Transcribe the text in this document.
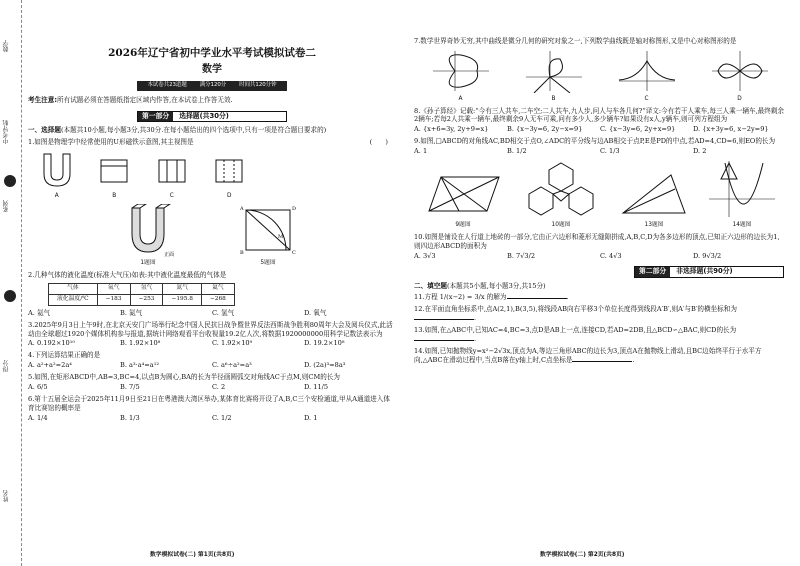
数学
中考导航
系列
得分
姓名
2026年辽宁省初中学业水平考试模拟试卷二
数学
本试卷共23道题 满分120分 时间共120分钟
考生注意:所有试题必须在答题纸指定区域内作答,在本试卷上作答无效.
第一部分	选择题(共30分)
一、选择题(本题共10小题,每小题3分,共30分.在每小题给出的四个选项中,只有一项是符合题目要求的)
1.如图是物理学中经常使用的U形磁铁示意图,其主视图是	(　　)
A	B	C	D
正面
1题图
A	D
B	C
M
5题图
2.几种气体的液化温度(标准大气压)如表:其中液化温度最低的气体是
气体	氧气	氢气	氮气	氦气
液化温度/℃	−183	−253	−195.8	−268
A. 氦气	B. 氮气	C. 氢气	D. 氧气
3.2025年9月3日上午9时,在北京天安门广场举行纪念中国人民抗日战争暨世界反法西斯战争胜利80周年大会及阅兵仪式,此活动由全球超过1920个媒体机构参与报道,据统计网络观看平台收视量19.2亿人次,将数据1920000000用科学记数法表示为
A. 0.192×10¹⁰	B. 1.92×10⁸	C. 1.92×10⁹	D. 19.2×10⁸
4.下列运算结果正确的是
A. a²+a²=2a⁴	B. a³·a⁴=a¹²	C. a⁶÷a²=a³	D. (2a)³=8a³
5.如图,在矩形ABCD中,AB=3,BC=4,以点B为圆心,BA的长为半径画圆弧交对角线AC于点M,则CM的长为
A. 6/5	B. 7/5	C. 2	D. 11/5
6.第十五届全运会于2025年11月9日至21日在粤港澳大湾区举办,某体育比赛将开设了A,B,C三个安检通道,甲从A通道进入体育比赛馆的概率是
A. 1/4	B. 1/3	C. 1/2	D. 1
7.数学世界奇妙无穷,其中曲线是微分几何的研究对象之一,下列数学曲线既是轴对称图形,又是中心对称图形的是
A	B	C	D
8.《孙子算经》记载:“今有三人共车,二车空;二人共车,九人步,问人与车各几何?”译文:今有若干人乘车,每三人乘一辆车,最终剩余2辆车;若每2人共乘一辆车,最终剩余9人无车可乘,问有多少人,多少辆车?如果设有x人,y辆车,则可列方程组为
A. {x+6=3y, 2y+9=x}	B. {x−3y=6, 2y−x=9}	C. {x−3y=6, 2y+x=9}	D. {x+3y=6, x−2y=9}
9.如图,□ABCD的对角线AC,BD相交于点O,∠ADC的平分线与边AB相交于点P,E是PD的中点,若AD=4,CD=6,则EO的长为
A. 1	B. 1/2	C. 1/3	D. 2
9题图	10题图	13题图	14题图
10.如图是铺设在人行道上地砖的一部分,它由正六边形和菱形无缝隙拼成,A,B,C,D为各多边形的顶点,已知正六边形的边长为1,则四边形ABCD的面积为
A. 3√3	B. 7√3/2	C. 4√3	D. 9√3/2
第二部分	非选择题(共90分)
二、填空题(本题共5小题,每小题3分,共15分)
11.方程 1/(x−2) = 3/x 的解为	.
12.在平面直角坐标系中,点A(2,1),B(3,5),将线段AB向右平移3个单位长度得到线段A′B′,则A′与B′的横坐标和为.
13.如图,在△ABC中,已知AC=4,BC=3,点D是AB上一点,连接CD,若AD=2DB,且△BCD∽△BAC,则CD的长为.
14.如图,已知抛物线y=x²−2√3x,顶点为A,等边三角形ABC的边长为3,顶点A在抛物线上滑动,且BC边始终平行于水平方向,△ABC在滑动过程中,当点B落在y轴上时,C点坐标是	.
数学模拟试卷(二) 第1页(共8页)	数学模拟试卷(二) 第2页(共8页)
